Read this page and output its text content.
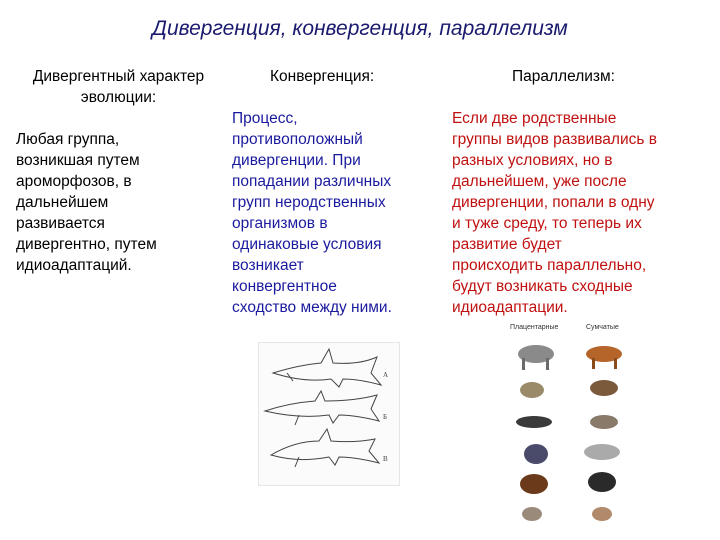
Дивергенция, конвергенция, параллелизм
Дивергентный характер эволюции:
Любая группа,
возникшая путем
ароморфозов, в
дальнейшем
развивается
дивергентно, путем
идиоадаптаций.
Конвергенция:
Процесс,
противоположный
дивергенции. При
попадании различных
групп неродственных
организмов в
одинаковые условия
возникает
конвергентное
сходство между ними.
Параллелизм:
Если две родственные
группы видов развивались в
разных условиях, но в
дальнейшем, уже после
дивергенции, попали в одну
и туже среду, то теперь их
развитие будет
происходить параллельно,
будут возникать сходные
идиоадаптации.
А
Б
В
Плацентарные	Сумчатые
